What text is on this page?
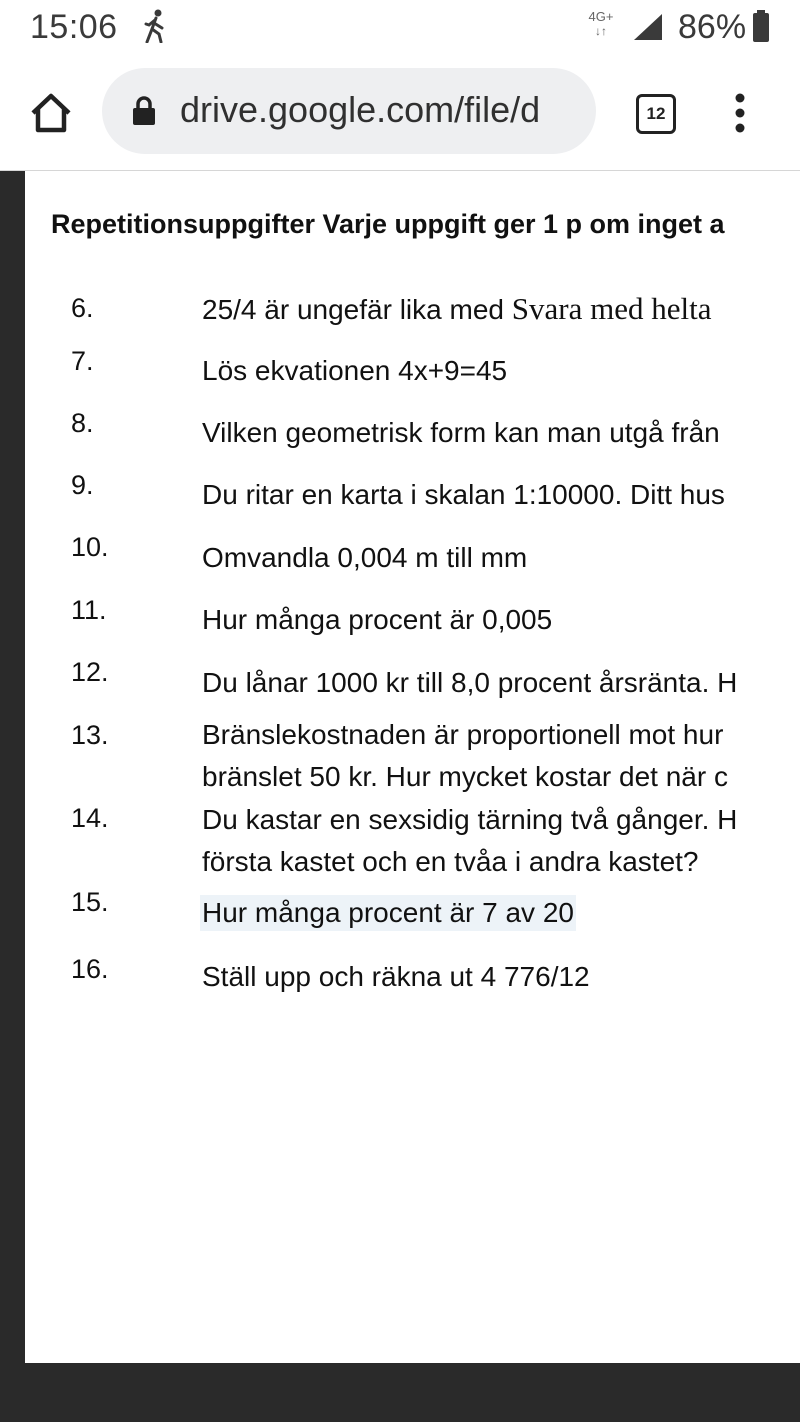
15:06	4G+
↓↑	86%
drive.google.com/file/d	12
Repetitionsuppgifter Varje uppgift ger 1 p om inget a
6.	25/4 är ungefär lika med Svara med helta
7.	Lös ekvationen 4x+9=45
8.	Vilken geometrisk form kan man utgå från
9.	Du ritar en karta i skalan 1:10000. Ditt hus
10.	Omvandla 0,004 m till mm
11.	Hur många procent är 0,005
12.	Du lånar 1000 kr till 8,0 procent årsränta. H
13.	Bränslekostnaden är proportionell mot hur
bränslet 50 kr. Hur mycket kostar det när c
14.	Du kastar en sexsidig tärning två gånger. H
första kastet och en tvåa i andra kastet?
15.	Hur många procent är 7 av 20
16.	Ställ upp och räkna ut 4 776/12
